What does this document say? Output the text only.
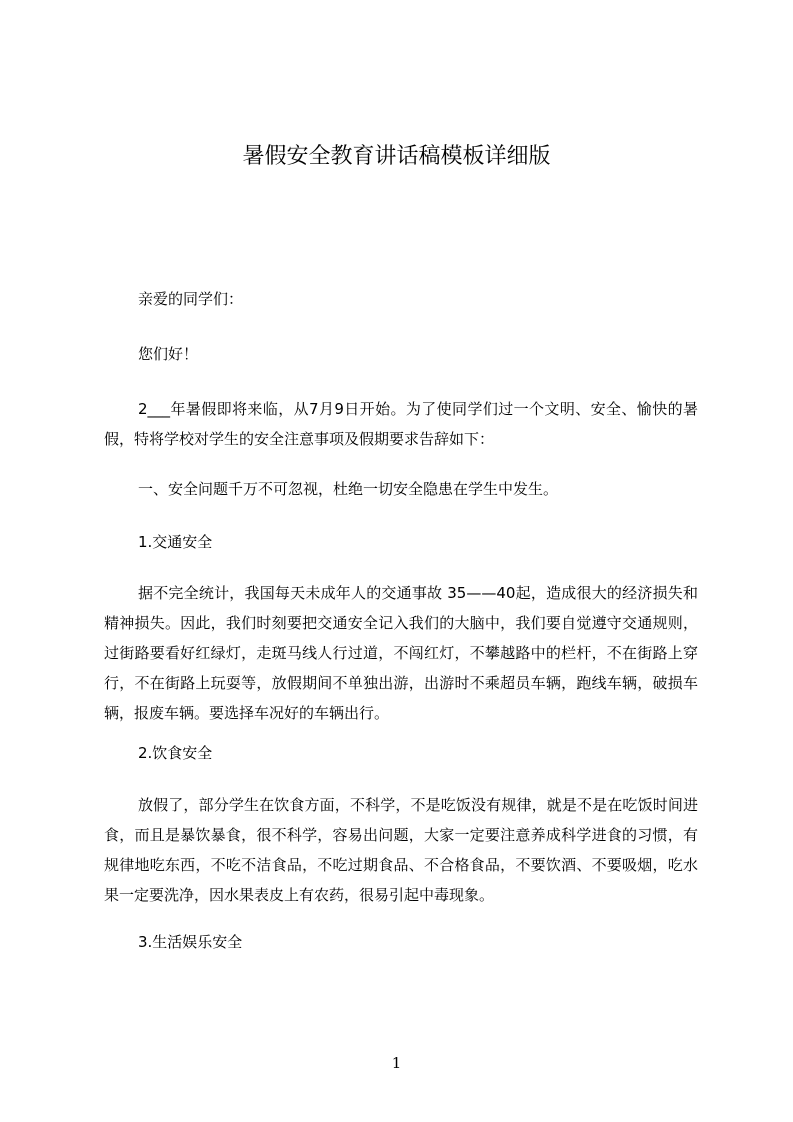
暑假安全教育讲话稿模板详细版

亲爱的同学们：

您们好！

2___年暑假即将来临，从7月9日开始。为了使同学们过一个文明、安全、愉快的暑假，特将学校对学生的安全注意事项及假期要求告辞如下：

一、安全问题千万不可忽视，杜绝一切安全隐患在学生中发生。

1.交通安全

据不完全统计，我国每天未成年人的交通事故 35——40起，造成很大的经济损失和精神损失。因此，我们时刻要把交通安全记入我们的大脑中，我们要自觉遵守交通规则，过街路要看好红绿灯，走斑马线人行过道，不闯红灯，不攀越路中的栏杆，不在街路上穿行，不在街路上玩耍等，放假期间不单独出游，出游时不乘超员车辆，跑线车辆，破损车辆，报废车辆。要选择车况好的车辆出行。

2.饮食安全

放假了，部分学生在饮食方面，不科学，不是吃饭没有规律，就是不是在吃饭时间进食，而且是暴饮暴食，很不科学，容易出问题，大家一定要注意养成科学进食的习惯，有规律地吃东西，不吃不洁食品，不吃过期食品、不合格食品，不要饮酒、不要吸烟，吃水果一定要洗净，因水果表皮上有农药，很易引起中毒现象。

3.生活娱乐安全

1
